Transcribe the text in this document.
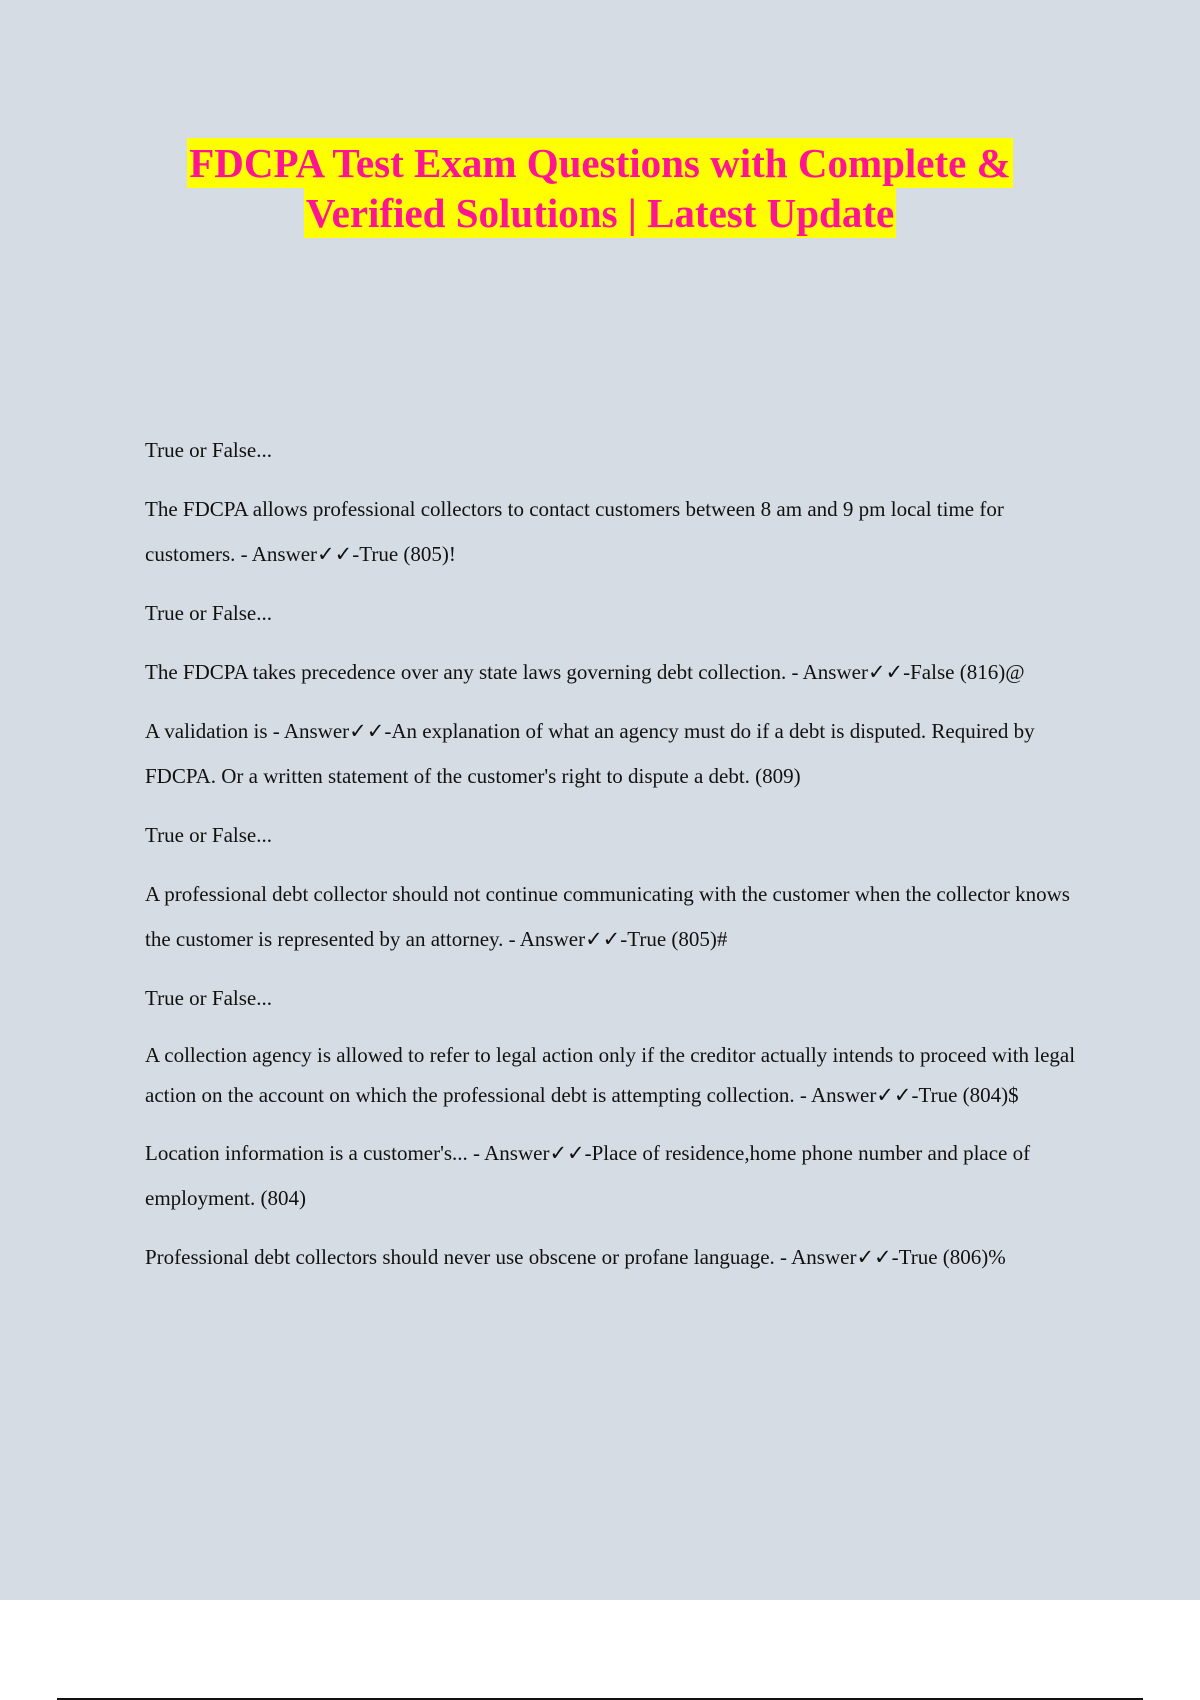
FDCPA Test Exam Questions with Complete &
Verified Solutions | Latest Update

True or False...

The FDCPA allows professional collectors to contact customers between 8 am and 9 pm local time for customers. - Answer✓✓-True (805)!

True or False...

The FDCPA takes precedence over any state laws governing debt collection. - Answer✓✓-False (816)@

A validation is - Answer✓✓-An explanation of what an agency must do if a debt is disputed. Required by FDCPA. Or a written statement of the customer's right to dispute a debt. (809)

True or False...

A professional debt collector should not continue communicating with the customer when the collector knows the customer is represented by an attorney. - Answer✓✓-True (805)#

True or False...

A collection agency is allowed to refer to legal action only if the creditor actually intends to proceed with legal action on the account on which the professional debt is attempting collection. - Answer✓✓-True (804)$

Location information is a customer's... - Answer✓✓-Place of residence,home phone number and place of employment. (804)

Professional debt collectors should never use obscene or profane language. - Answer✓✓-True (806)%
